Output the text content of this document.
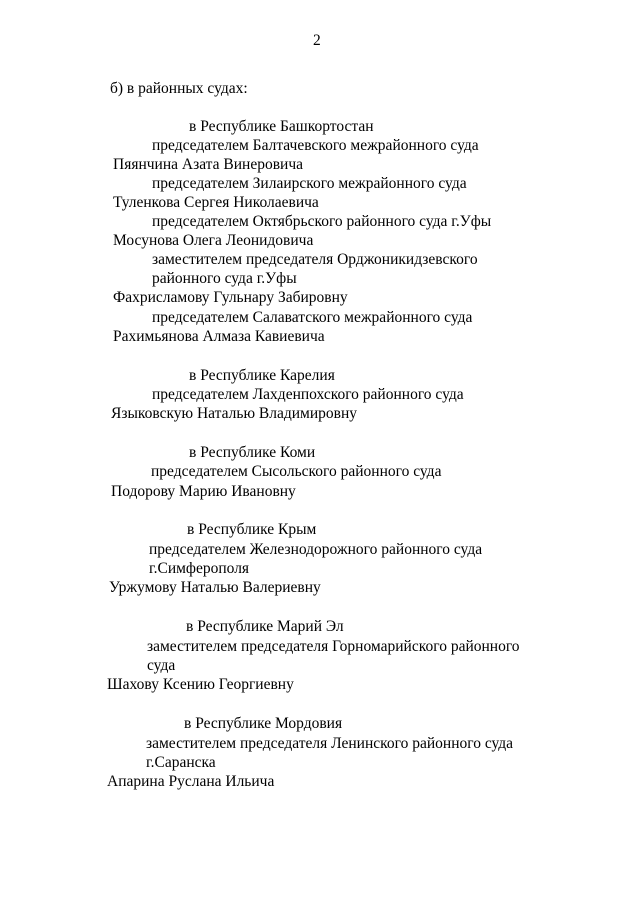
2
б) в районных судах:
в Республике Башкортостан
председателем Балтачевского межрайонного суда
Пяянчина Азата Винеровича
председателем Зилаирского межрайонного суда
Туленкова Сергея Николаевича
председателем Октябрьского районного суда г.Уфы
Мосунова Олега Леонидовича
заместителем председателя Орджоникидзевского
районного суда г.Уфы
Фахрисламову Гульнару Забировну
председателем Салаватского межрайонного суда
Рахимьянова Алмаза Кавиевича
в Республике Карелия
председателем Лахденпохского районного суда
Языковскую Наталью Владимировну
в Республике Коми
председателем Сысольского районного суда
Подорову Марию Ивановну
в Республике Крым
председателем Железнодорожного районного суда
г.Симферополя
Уржумову Наталью Валериевну
в Республике Марий Эл
заместителем председателя Горномарийского районного
суда
Шахову Ксению Георгиевну
в Республике Мордовия
заместителем председателя Ленинского районного суда
г.Саранска
Апарина Руслана Ильича
